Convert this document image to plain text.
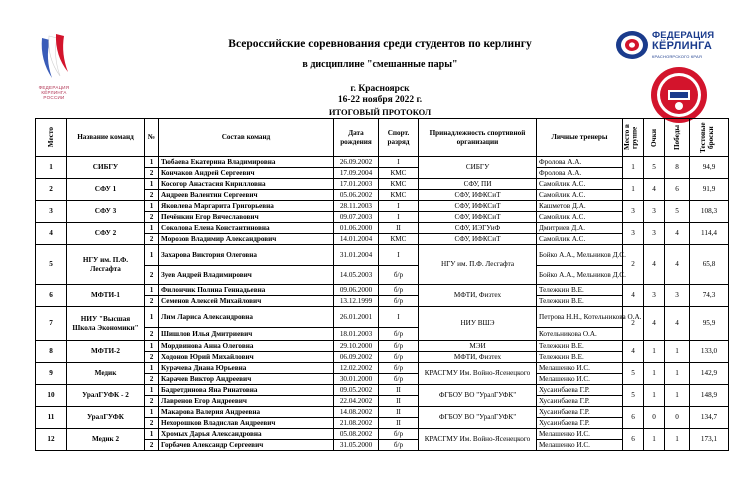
ФЕДЕРАЦИЯ
КЁРЛИНГА
РОССИИ
ФЕДЕРАЦИЯ
КЁРЛИНГА
КРАСНОЯРСКОГО КРАЯ
Всероссийские соревнования среди студентов по керлингу
в дисциплине "смешанные пары"
г. Красноярск
16-22 ноября 2022 г.
ИТОГОВЫЙ ПРОТОКОЛ
Место	Название команд	№	Состав команд	Дата рождения	Спорт. разряд	Принадлежность спортивной организации	Личные тренеры	Место в группе	Очки	Победы	Тестовые броски

1	СИБГУ	1	Тюбаева Екатерина Владимировна	26.09.2002	I	СИБГУ	Фролова А.А.	1	5	8	94,9
		2	Кончаков Андрей Сергеевич	17.09.2004	КМС		Фролова А.А.				
2	СФУ 1	1	Косогор Анастасия Кирилловна	17.01.2003	КМС	СФУ, ПИ	Самойлик А.С.	1	4	6	91,9
		2	Андреев Валентин Сергеевич	05.06.2002	КМС	СФУ, ИФКСиТ	Самойлик А.С.				
3	СФУ 3	1	Яковлева Маргарита Григорьевна	28.11.2003	I	СФУ, ИФКСиТ	Кашметов Д.А.	3	3	5	108,3
		2	Печёнкин Егор Вячеславович	09.07.2003	I	СФУ, ИФКСиТ	Самойлик А.С.				
4	СФУ 2	1	Соколова Елена Константиновна	01.06.2000	II	СФУ, ИЭГУиФ	Дмитриев Д.А.	3	3	4	114,4
		2	Морозов Владимир Александрович	14.01.2004	КМС	СФУ, ИФКСиТ	Самойлик А.С.				
5	НГУ им. П.Ф. Лесгафта	1	Захарова Виктория Олеговна	31.01.2004	I	НГУ им. П.Ф. Лесгафта	Бойко А.А., Мельников Д.С.	2	4	4	65,8
		2	Зуев Андрей Владимирович	14.05.2003	б/р		Бойко А.А., Мельников Д.С.				
6	МФТИ-1	1	Филончик Полина Геннадьевна	09.06.2000	б/р	МФТИ, Физтех	Тележкин В.Е.	4	3	3	74,3
		2	Семенов Алексей Михайлович	13.12.1999	б/р		Тележкин В.Е.				
7	НИУ "Высшая Школа Экономики"	1	Лим Лариса Александровна	26.01.2001	I	НИУ ВШЭ	Петрова Н.Н., Котельникова О.А.	2	4	4	95,9
		2	Шишлов Илья Дмитриевич	18.01.2003	б/р		Котельникова О.А.				
8	МФТИ-2	1	Мордвинова Анна Олеговна	29.10.2000	б/р	МЭИ	Тележкин В.Е.	4	1	1	133,0
		2	Ходонов Юрий Михайлович	06.09.2002	б/р	МФТИ, Физтех	Тележкин В.Е.				
9	Медик	1	Курачева Диана Юрьевна	12.02.2002	б/р	КРАСГМУ Им. Войно-Ясенецкого	Мелашенко И.С.	5	1	1	142,9
		2	Карачев Виктор Андреевич	30.01.2000	б/р		Мелашенко И.С.				
10	УралГУФК - 2	1	Бадретдинова Яна Ринатовна	09.05.2002	II	ФГБОУ ВО "УралГУФК"	Хусаинбаева Г.Р.	5	1	1	148,9
		2	Лавренов Егор Андреевич	22.04.2002	II		Хусаинбаева Г.Р.				
11	УралГУФК	1	Макарова Валерия Андреевна	14.08.2002	II	ФГБОУ ВО "УралГУФК"	Хусаинбаева Г.Р.	6	0	0	134,7
		2	Нехорошков Владислав Андреевич	21.08.2002	II		Хусаинбаева Г.Р.				
12	Медик 2	1	Хромых Дарья Александровна	05.08.2002	б/р	КРАСГМУ Им. Войно-Ясенецкого	Мелашенко И.С.	6	1	1	173,1
		2	Горбачев Александр Сергеевич	31.05.2000	б/р		Мелашенко И.С.				
